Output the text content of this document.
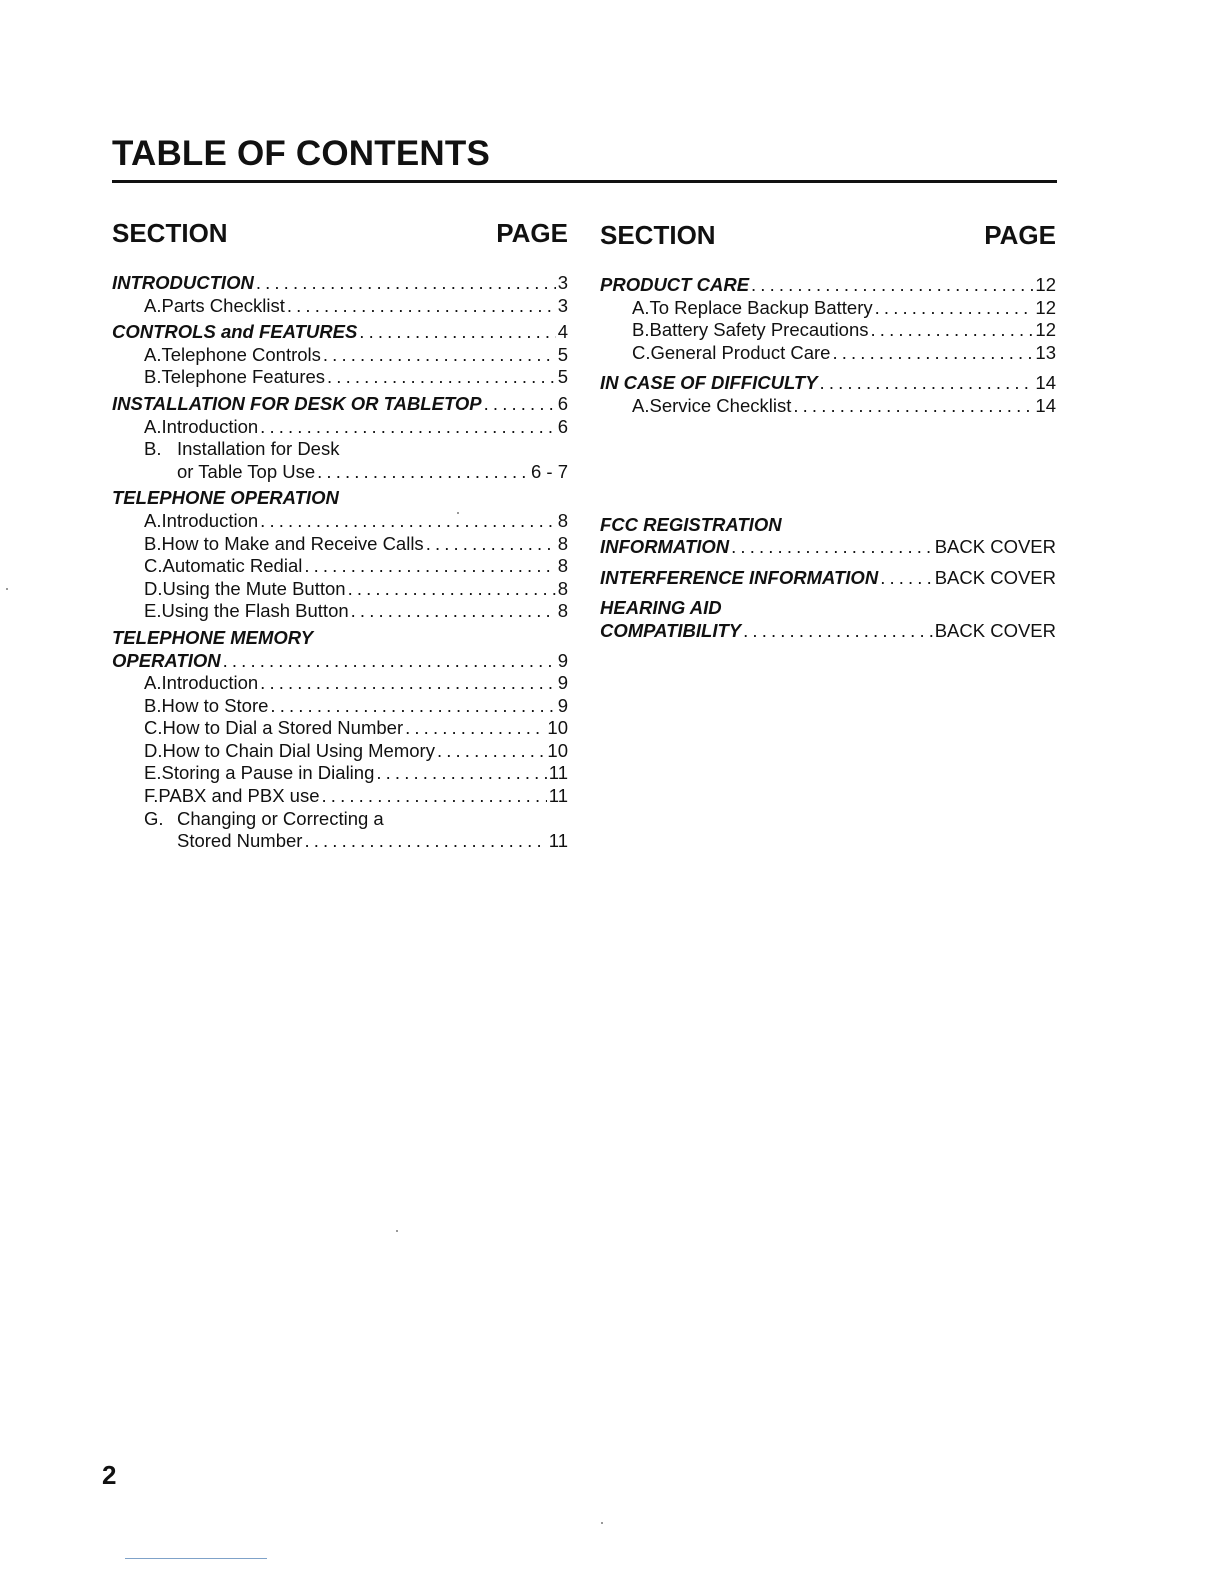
TABLE OF CONTENTS
SECTION	PAGE
INTRODUCTION . . .	3
A. Parts Checklist . . .	3
CONTROLS and FEATURES . . .	4
A. Telephone Controls . . .	5
B. Telephone Features . . .	5
INSTALLATION FOR DESK OR TABLETOP . . .	6
A. Introduction . . .	6
B. Installation for Desk
or Table Top Use . . .	6 - 7
TELEPHONE OPERATION
A. Introduction . . .	8
B. How to Make and Receive Calls . . .	8
C. Automatic Redial . . .	8
D. Using the Mute Button . . .	8
E. Using the Flash Button . . .	8
TELEPHONE MEMORY
OPERATION . . .	9
A. Introduction . . .	9
B. How to Store . . .	9
C. How to Dial a Stored Number . . .	10
D. How to Chain Dial Using Memory . . .	10
E. Storing a Pause in Dialing . . .	11
F. PABX and PBX use . . .	11
G. Changing or Correcting a
Stored Number . . .	11
SECTION	PAGE
PRODUCT CARE . . .	12
A. To Replace Backup Battery . . .	12
B. Battery Safety Precautions . . .	12
C. General Product Care . . .	13
IN CASE OF DIFFICULTY . . .	14
A. Service Checklist . . .	14
FCC REGISTRATION
INFORMATION . . .	BACK COVER
INTERFERENCE INFORMATION . . .	BACK COVER
HEARING AID
COMPATIBILITY . . .	BACK COVER
2
